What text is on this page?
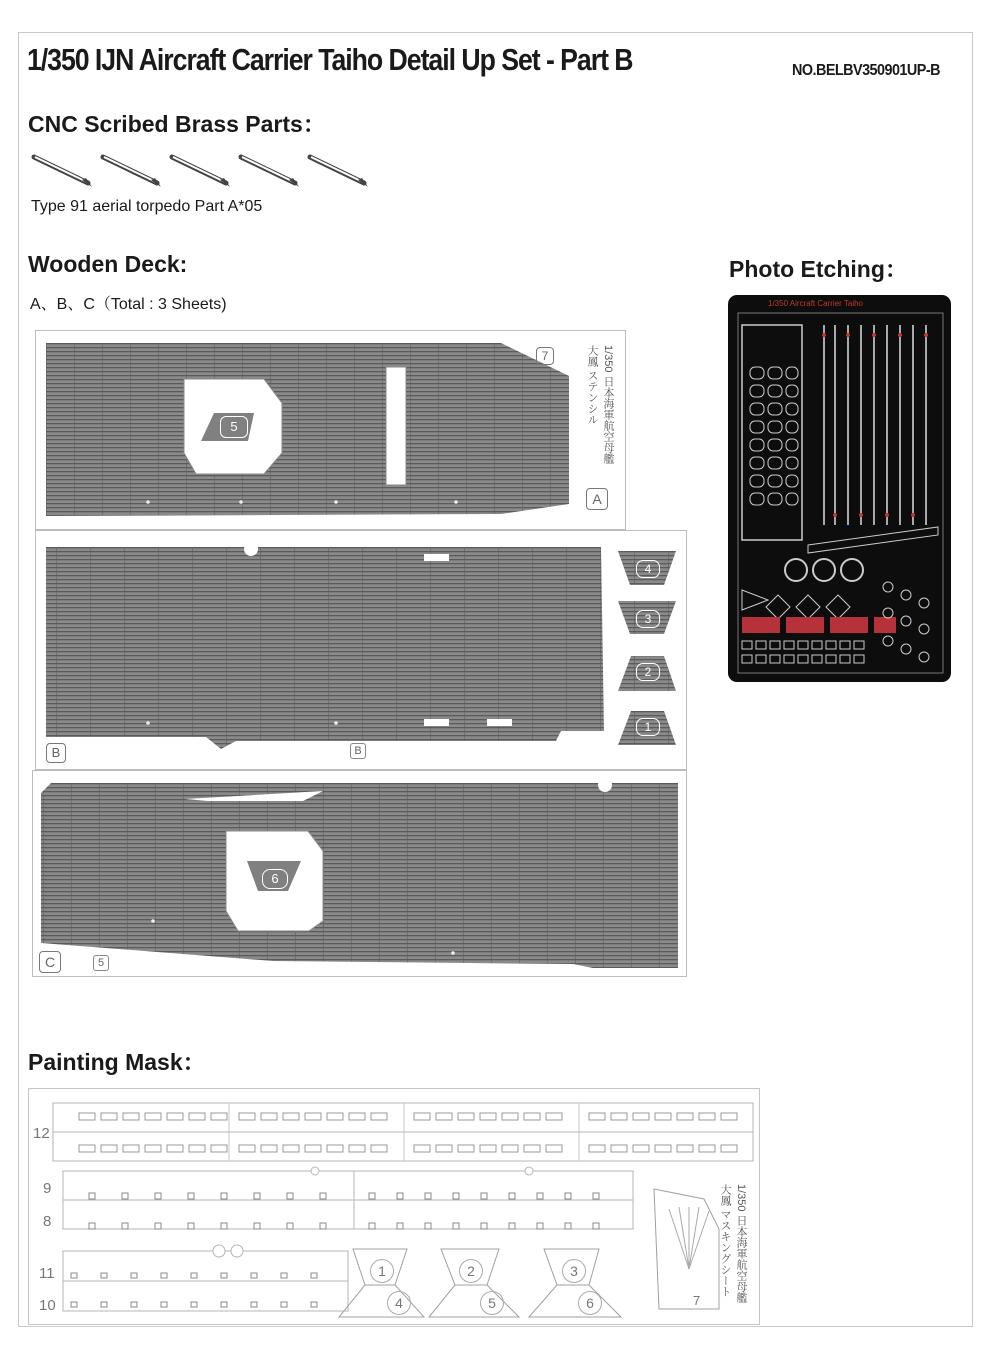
1/350 IJN Aircraft Carrier Taiho Detail Up Set - Part B	NO.BELBV350901UP-B
CNC Scribed Brass Parts：
Type 91 aerial torpedo Part A*05
Wooden Deck:
A、B、C（Total : 3 Sheets)
5
7
A
1/350 日本海軍航空母艦 大鳳 ステンシル
4
3
2
1
B	B
6
C	5
Photo Etching：
1/350 Aircraft Carrier Taiho
Painting Mask：
12
9
8
11
10
1	2	3
4	5	6	7	1/350 日本海軍航空母艦 大鳳 マスキングシート
